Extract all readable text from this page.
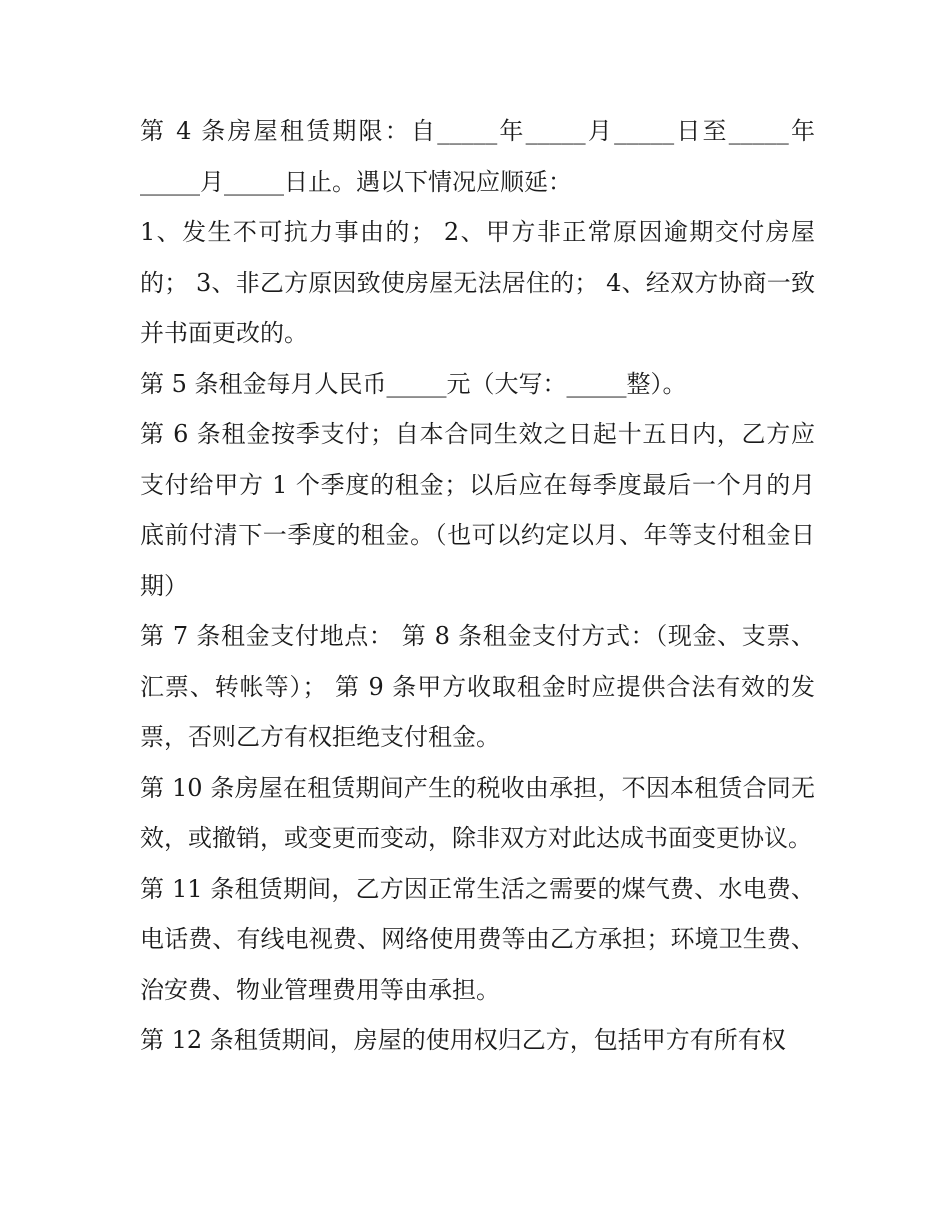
第 4 条房屋租赁期限：自_____年_____月_____日至_____年_____月_____日止。遇以下情况应顺延：

1、发生不可抗力事由的； 2、甲方非正常原因逾期交付房屋的； 3、非乙方原因致使房屋无法居住的； 4、经双方协商一致并书面更改的。

第 5 条租金每月人民币_____元（大写：_____整）。

第 6 条租金按季支付；自本合同生效之日起十五日内，乙方应支付给甲方 1 个季度的租金；以后应在每季度最后一个月的月底前付清下一季度的租金。（也可以约定以月、年等支付租金日期）

第 7 条租金支付地点： 第 8 条租金支付方式：（现金、支票、汇票、转帐等）； 第 9 条甲方收取租金时应提供合法有效的发票，否则乙方有权拒绝支付租金。

第 10 条房屋在租赁期间产生的税收由承担，不因本租赁合同无效，或撤销，或变更而变动，除非双方对此达成书面变更协议。

第 11 条租赁期间，乙方因正常生活之需要的煤气费、水电费、电话费、有线电视费、网络使用费等由乙方承担；环境卫生费、治安费、物业管理费用等由承担。

第 12 条租赁期间，房屋的使用权归乙方，包括甲方有所有权
